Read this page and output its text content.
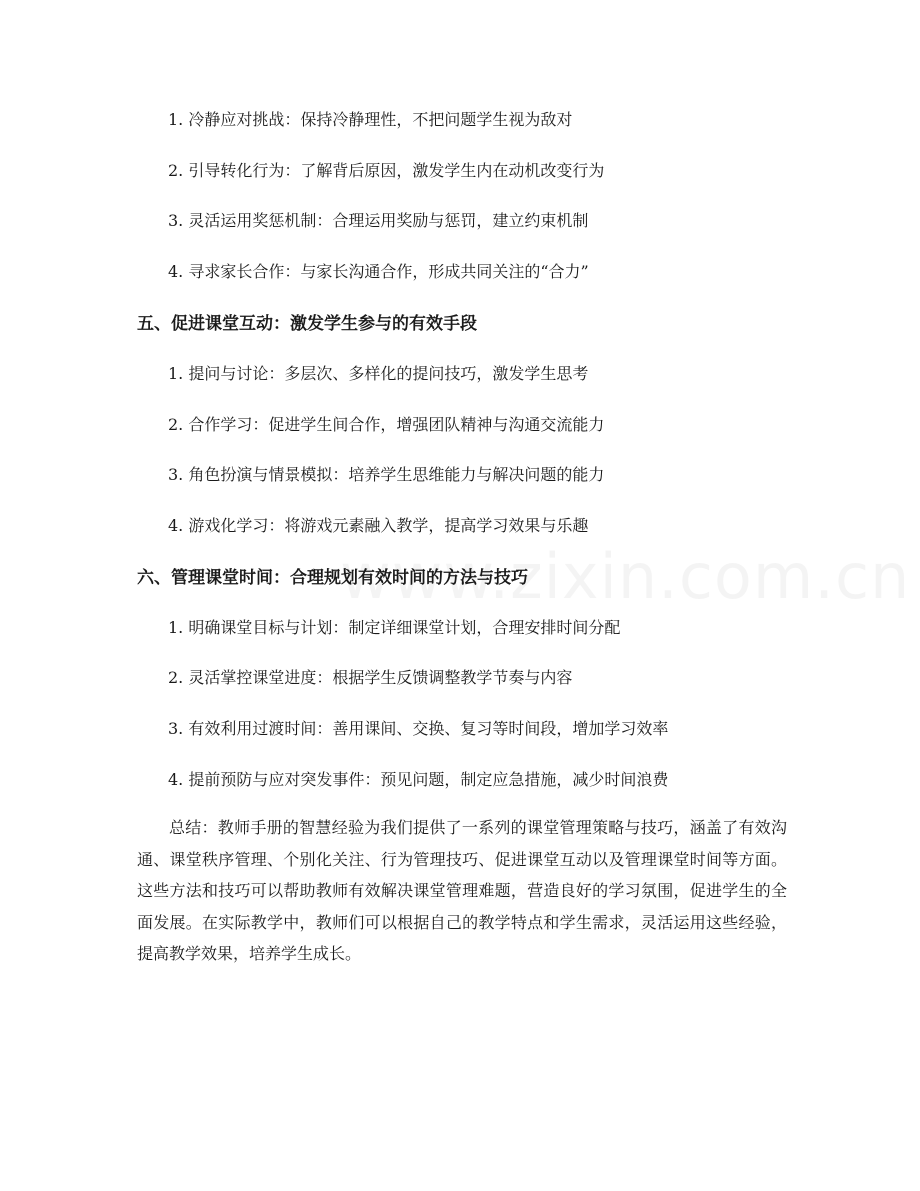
1. 冷静应对挑战：保持冷静理性，不把问题学生视为敌对
2. 引导转化行为：了解背后原因，激发学生内在动机改变行为
3. 灵活运用奖惩机制：合理运用奖励与惩罚，建立约束机制
4. 寻求家长合作：与家长沟通合作，形成共同关注的“合力”
五、促进课堂互动：激发学生参与的有效手段
1. 提问与讨论：多层次、多样化的提问技巧，激发学生思考
2. 合作学习：促进学生间合作，增强团队精神与沟通交流能力
3. 角色扮演与情景模拟：培养学生思维能力与解决问题的能力
4. 游戏化学习：将游戏元素融入教学，提高学习效果与乐趣
六、管理课堂时间：合理规划有效时间的方法与技巧
1. 明确课堂目标与计划：制定详细课堂计划，合理安排时间分配
2. 灵活掌控课堂进度：根据学生反馈调整教学节奏与内容
3. 有效利用过渡时间：善用课间、交换、复习等时间段，增加学习效率
4. 提前预防与应对突发事件：预见问题，制定应急措施，减少时间浪费
总结：教师手册的智慧经验为我们提供了一系列的课堂管理策略与技巧，涵盖了有效沟通、课堂秩序管理、个别化关注、行为管理技巧、促进课堂互动以及管理课堂时间等方面。这些方法和技巧可以帮助教师有效解决课堂管理难题，营造良好的学习氛围，促进学生的全面发展。在实际教学中，教师们可以根据自己的教学特点和学生需求，灵活运用这些经验，提高教学效果，培养学生成长。
